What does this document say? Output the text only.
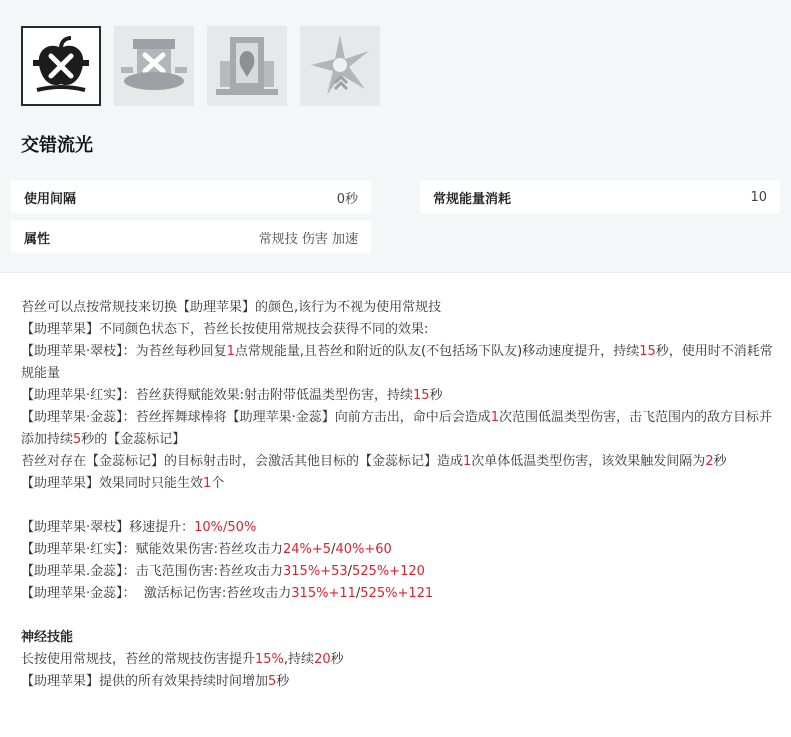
交错流光
使用间隔	0秒	常规能量消耗	10
属性	常规技 伤害 加速
苔丝可以点按常规技来切换【助理苹果】的颜色,该行为不视为使用常规技
【助理苹果】不同颜色状态下，苔丝长按使用常规技会获得不同的效果:
【助理苹果·翠枝】：为苔丝每秒回复1点常规能量,且苔丝和附近的队友(不包括场下队友)移动速度提升，持续15秒，使用时不消耗常规能量
【助理苹果·红实】：苔丝获得赋能效果:射击附带低温类型伤害，持续15秒
【助理苹果·金蕊】：苔丝挥舞球棒将【助理苹果·金蕊】向前方击出，命中后会造成1次范围低温类型伤害，击飞范围内的敌方目标并添加持续5秒的【金蕊标记】
苔丝对存在【金蕊标记】的目标射击时，会激活其他目标的【金蕊标记】造成1次单体低温类型伤害，该效果触发间隔为2秒
【助理苹果】效果同时只能生效1个
【助理苹果·翠枝】移速提升：10%/50%
【助理苹果·红实】：赋能效果伤害:苔丝攻击力24%+5/40%+60
【助理苹果.金蕊】：击飞范围伤害:苔丝攻击力315%+53/525%+120
【助理苹果·金蕊】：  激活标记伤害:苔丝攻击力315%+11/525%+121
神经技能
长按使用常规技，苔丝的常规技伤害提升15%,持续20秒
【助理苹果】提供的所有效果持续时间增加5秒
